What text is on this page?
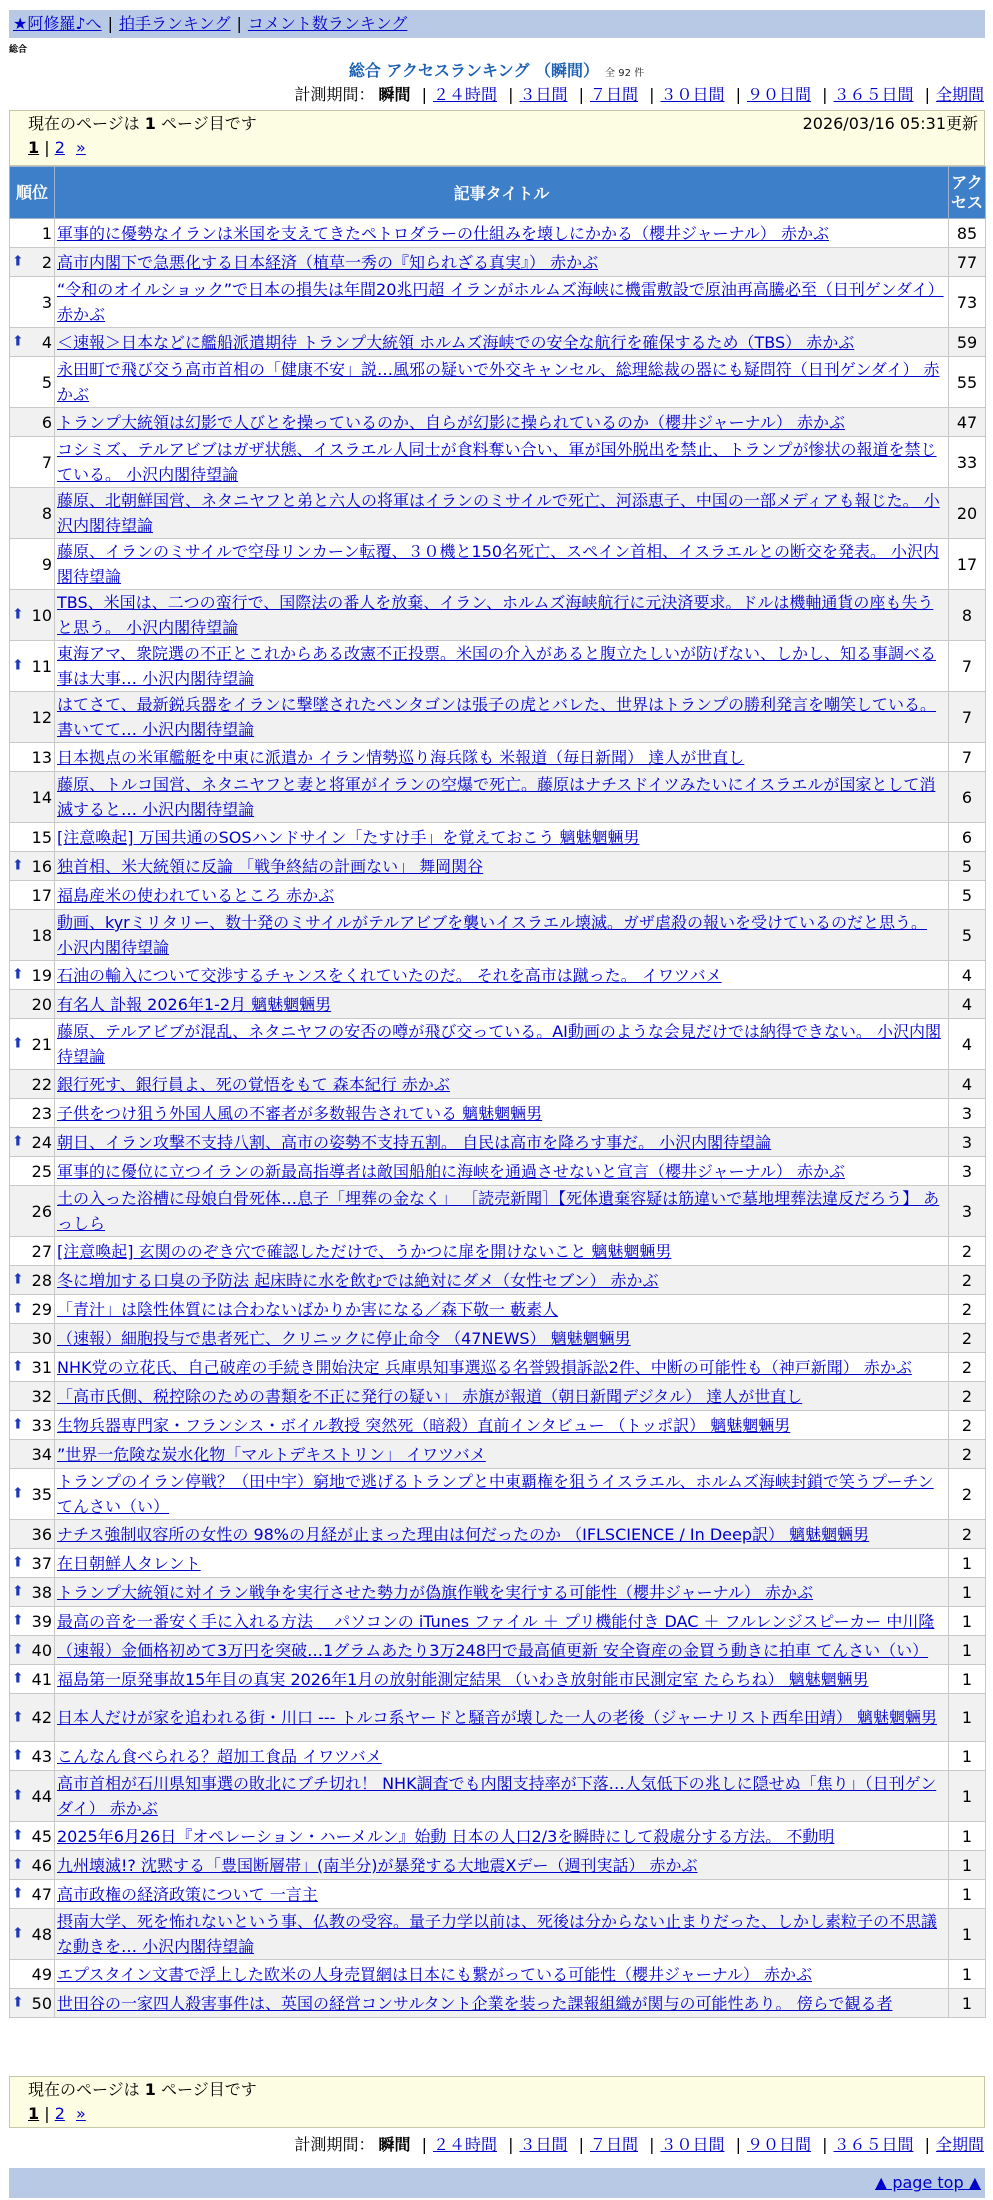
★阿修羅♪へ | 拍手ランキング | コメント数ランキング
総合
総合 アクセスランキング （瞬間） 全 92 件
計測期間： 瞬間 | ２４時間 | ３日間 | ７日間 | ３０日間 | ９０日間 | ３６５日間 | 全期間
現在のページは 1 ページ目です	2026/03/16 05:31更新
1 | 2 »
順位	記事タイトル	アクセス
1	軍事的に優勢なイランは米国を支えてきたペトロダラーの仕組みを壊しにかかる（櫻井ジャーナル） 赤かぶ	85

⬆ 2	高市内閣下で急悪化する日本経済（植草一秀の『知られざる真実』） 赤かぶ	77
3	“令和のオイルショック”で日本の損失は年間20兆円超 イランがホルムズ海峡に機雷敷設で原油再高騰必至（日刊ゲンダイ） 赤かぶ	73

⬆ 4	＜速報＞日本などに艦船派遣期待 トランプ大統領 ホルムズ海峡での安全な航行を確保するため（TBS） 赤かぶ	59
5	永田町で飛び交う高市首相の「健康不安」説…風邪の疑いで外交キャンセル、総理総裁の器にも疑問符（日刊ゲンダイ） 赤かぶ	55
6	トランプ大統領は幻影で人びとを操っているのか、自らが幻影に操られているのか（櫻井ジャーナル） 赤かぶ	47
7	コシミズ、テルアビブはガザ状態、イスラエル人同士が食料奪い合い、軍が国外脱出を禁止、トランプが惨状の報道を禁じている。 小沢内閣待望論	33
8	藤原、北朝鮮国営、ネタニヤフと弟と六人の将軍はイランのミサイルで死亡、河添恵子、中国の一部メディアも報じた。 小沢内閣待望論	20
9	藤原、イランのミサイルで空母リンカーン転覆、３０機と150名死亡、スペイン首相、イスラエルとの断交を発表。 小沢内閣待望論	17

⬆ 10	TBS、米国は、二つの蛮行で、国際法の番人を放棄、イラン、ホルムズ海峡航行に元決済要求。ドルは機軸通貨の座も失うと思う。 小沢内閣待望論	8

⬆ 11	東海アマ、衆院選の不正とこれからある改憲不正投票。米国の介入があると腹立たしいが防げない、しかし、知る事調べる事は大事… 小沢内閣待望論	7
12	はてさて、最新鋭兵器をイランに撃墜されたペンタゴンは張子の虎とバレた、世界はトランプの勝利発言を嘲笑している。書いてて… 小沢内閣待望論	7
13	日本拠点の米軍艦艇を中東に派遣か イラン情勢巡り海兵隊も 米報道（毎日新聞） 達人が世直し	7
14	藤原、トルコ国営、ネタニヤフと妻と将軍がイランの空爆で死亡。藤原はナチスドイツみたいにイスラエルが国家として消滅すると… 小沢内閣待望論	6
15	[注意喚起] 万国共通のSOSハンドサイン「たすけ手」を覚えておこう 魑魅魍魎男	6

⬆ 16	独首相、米大統領に反論 「戦争終結の計画ない」 舞岡関谷	5
17	福島産米の使われているところ 赤かぶ	5
18	動画、kyrミリタリー、数十発のミサイルがテルアビブを襲いイスラエル壊滅。ガザ虐殺の報いを受けているのだと思う。 小沢内閣待望論	5

⬆ 19	石油の輸入について交渉するチャンスをくれていたのだ。 それを高市は蹴った。 イワツバメ	4
20	有名人 訃報 2026年1-2月 魑魅魍魎男	4

⬆ 21	藤原、テルアビブが混乱、ネタニヤフの安否の噂が飛び交っている。AI動画のような会見だけでは納得できない。 小沢内閣待望論	4
22	銀行死す、銀行員よ、死の覚悟をもて 森本紀行 赤かぶ	4
23	子供をつけ狙う外国人風の不審者が多数報告されている 魑魅魍魎男	3

⬆ 24	朝日、イラン攻撃不支持八割、高市の姿勢不支持五割。 自民は高市を降ろす事だ。 小沢内閣待望論	3
25	軍事的に優位に立つイランの新最高指導者は敵国船舶に海峡を通過させないと宣言（櫻井ジャーナル） 赤かぶ	3
26	土の入った浴槽に母娘白骨死体…息子「埋葬の金なく」 ［読売新聞］【死体遺棄容疑は筋違いで墓地埋葬法違反だろう】 あっしら	3
27	[注意喚起] 玄関ののぞき穴で確認しただけで、うかつに扉を開けないこと 魑魅魍魎男	2

⬆ 28	冬に増加する口臭の予防法 起床時に水を飲むでは絶対にダメ（女性セブン） 赤かぶ	2

⬆ 29	「青汁」は陰性体質には合わないばかりか害になる／森下敬一 藪素人	2
30	（速報）細胞投与で患者死亡、クリニックに停止命令 （47NEWS） 魑魅魍魎男	2

⬆ 31	NHK党の立花氏、自己破産の手続き開始決定 兵庫県知事選巡る名誉毀損訴訟2件、中断の可能性も（神戸新聞） 赤かぶ	2
32	「高市氏側、税控除のための書類を不正に発行の疑い」 赤旗が報道（朝日新聞デジタル） 達人が世直し	2

⬆ 33	生物兵器専門家・フランシス・ボイル教授 突然死（暗殺）直前インタビュー （トッポ訳） 魑魅魍魎男	2
34	”世界一危険な炭水化物「マルトデキストリン」 イワツバメ	2

⬆ 35	トランプのイラン停戦？（田中宇）窮地で逃げるトランプと中東覇権を狙うイスラエル、ホルムズ海峡封鎖で笑うプーチン てんさい（い）	2
36	ナチス強制収容所の女性の 98%の月経が止まった理由は何だったのか （IFLSCIENCE / In Deep訳） 魑魅魍魎男	2

⬆ 37	在日朝鮮人タレント	1

⬆ 38	トランプ大統領に対イラン戦争を実行させた勢力が偽旗作戦を実行する可能性（櫻井ジャーナル） 赤かぶ	1

⬆ 39	最高の音を一番安く手に入れる方法 ＿パソコンの iTunes ファイル ＋ プリ機能付き DAC ＋ フルレンジスピーカー 中川隆	1

⬆ 40	（速報）金価格初めて3万円を突破…1グラムあたり3万248円で最高値更新 安全資産の金買う動きに拍車 てんさい（い）	1

⬆ 41	福島第一原発事故15年目の真実 2026年1月の放射能測定結果 （いわき放射能市民測定室 たらちね） 魑魅魍魎男	1

⬆ 42	日本人だけが家を追われる街・川口 --- トルコ系ヤードと騒音が壊した一人の老後（ジャーナリスト西牟田靖） 魑魅魍魎男	1

⬆ 43	こんなん食べられる？超加工食品 イワツバメ	1

⬆ 44	高市首相が石川県知事選の敗北にブチ切れ！ NHK調査でも内閣支持率が下落…人気低下の兆しに隠せぬ「焦り」（日刊ゲンダイ） 赤かぶ	1

⬆ 45	2025年6月26日『オペレーション・ハーメルン』始動 日本の人口2/3を瞬時にして殺處分する方法。 不動明	1

⬆ 46	九州壊滅!? 沈黙する「豊国断層帯」(南半分)が暴発する大地震Xデー（週刊実話） 赤かぶ	1

⬆ 47	高市政権の経済政策について 一言主	1

⬆ 48	摂南大学、死を怖れないという事、仏教の受容。量子力学以前は、死後は分からない止まりだった、しかし素粒子の不思議な動きを… 小沢内閣待望論	1
49	エプスタイン文書で浮上した欧米の人身売買網は日本にも繋がっている可能性（櫻井ジャーナル） 赤かぶ	1

⬆ 50	世田谷の一家四人殺害事件は、英国の経営コンサルタント企業を装った課報組織が関与の可能性あり。 傍らで観る者	1
現在のページは 1 ページ目です
1 | 2 »
計測期間： 瞬間 | ２４時間 | ３日間 | ７日間 | ３０日間 | ９０日間 | ３６５日間 | 全期間
▲ page top ▲
